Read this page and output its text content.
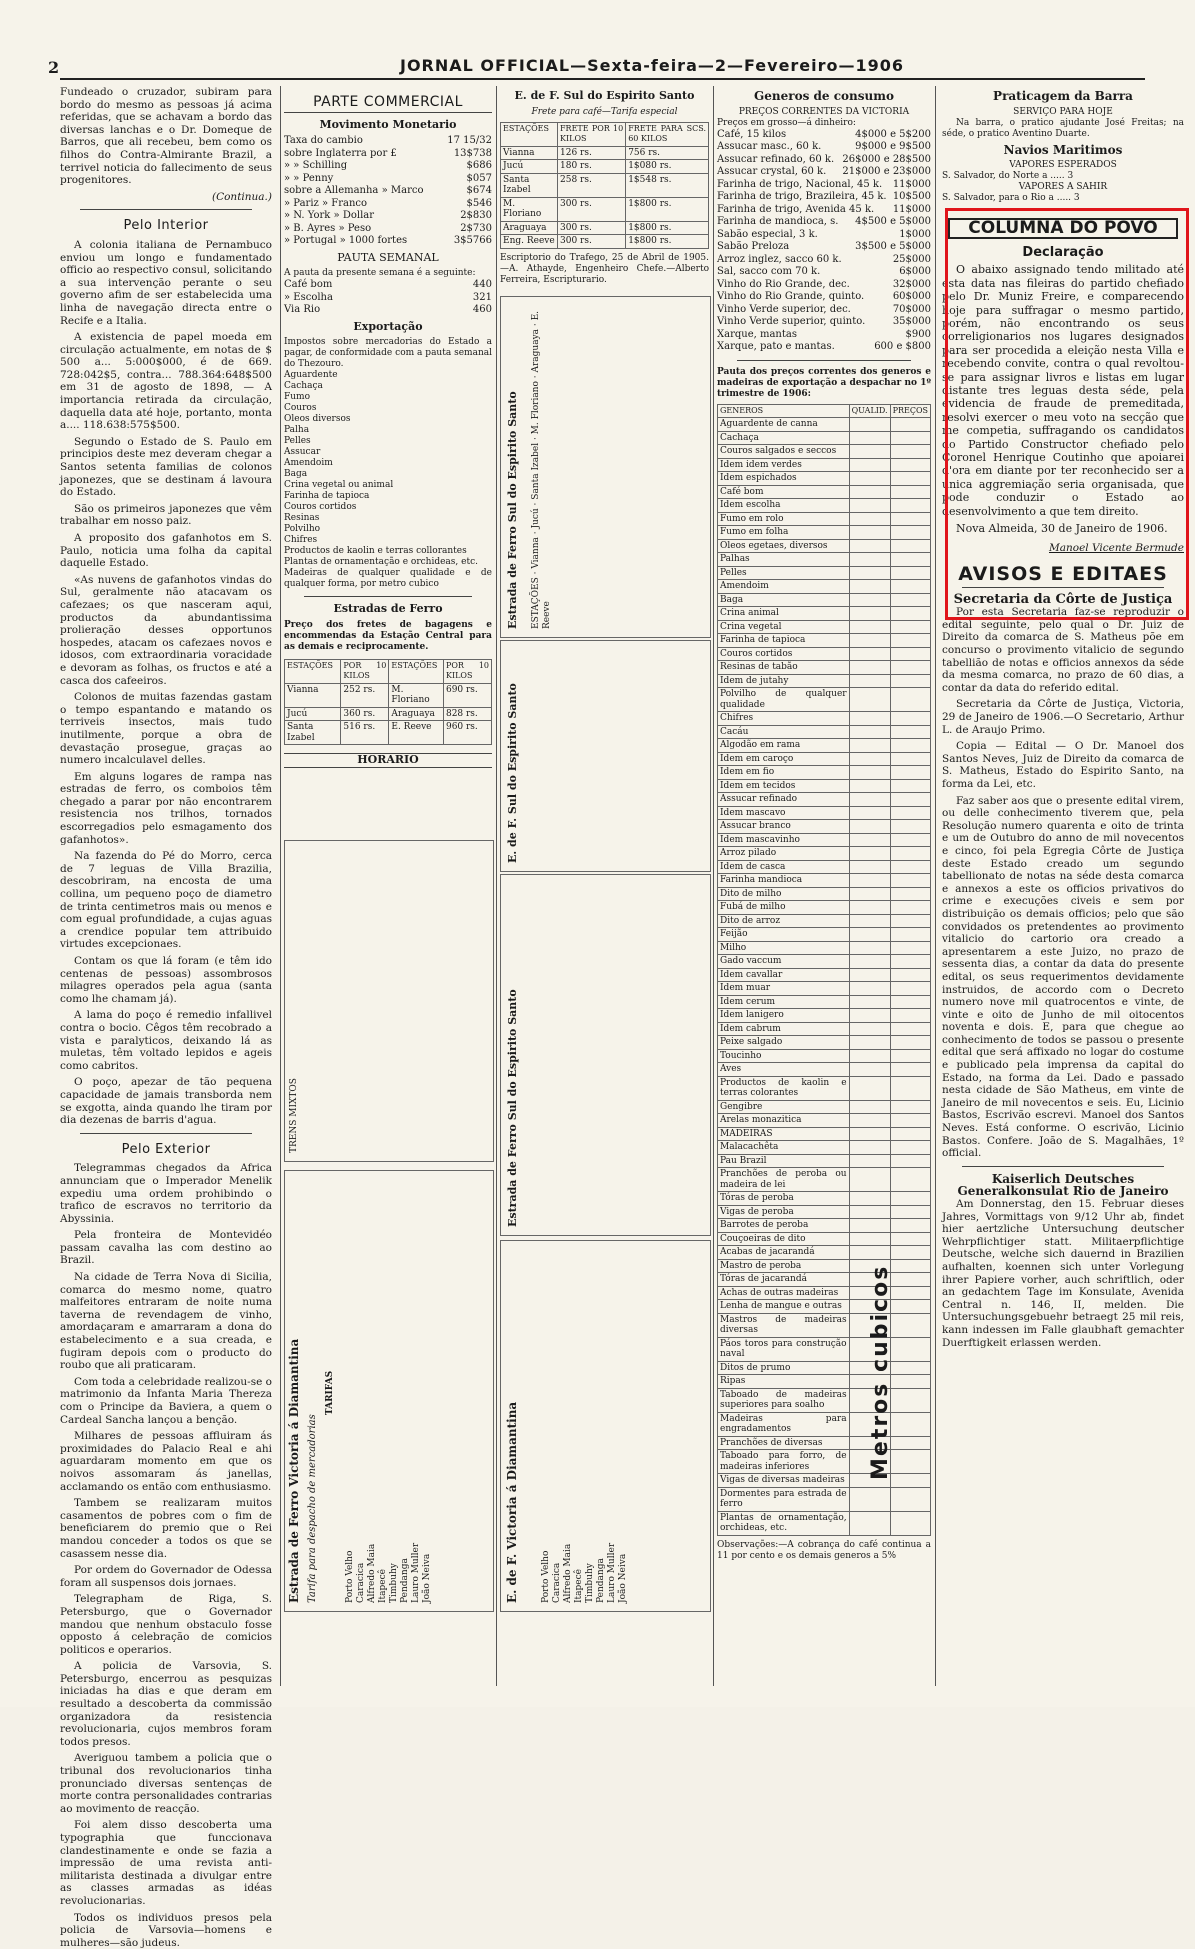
2	JORNAL OFFICIAL—Sexta-feira—2—Fevereiro—1906

Fundeado o cruzador, subiram para bordo do mesmo as pessoas já acima referidas, que se achavam a bordo das diversas lanchas e o Dr. Domeque de Barros, que ali recebeu, bem como os filhos do Contra-Almirante Brazil, a terrivel noticia do fallecimento de seus progenitores.

(Continua.)
Pelo Interior

A colonia italiana de Pernambuco enviou um longo e fundamentado officio ao respectivo consul, solicitando a sua intervenção perante o seu governo afim de ser estabelecida uma linha de navegação directa entre o Recife e a Italia.

A existencia de papel moeda em circulação actualmente, em notas de $ 500 a... 5:000$000, é de 669. 728:042$5, contra... 788.364:648$500 em 31 de agosto de 1898, — A importancia retirada da circulação, daquella data até hoje, portanto, monta a.... 118.638:575$500.

Segundo o Estado de S. Paulo em principios deste mez deveram chegar a Santos setenta familias de colonos japonezes, que se destinam á lavoura do Estado.

São os primeiros japonezes que vêm trabalhar em nosso paiz.

A proposito dos gafanhotos em S. Paulo, noticia uma folha da capital daquelle Estado.

«As nuvens de gafanhotos vindas do Sul, geralmente não atacavam os cafezaes; os que nasceram aqui, productos da abundantissima prolieração desses opportunos hospedes, atacam os cafezaes novos e idosos, com extraordinaria voracidade e devoram as folhas, os fructos e até a casca dos cafeeiros.

Colonos de muitas fazendas gastam o tempo espantando e matando os terriveis insectos, mais tudo inutilmente, porque a obra de devastação prosegue, graças ao numero incalculavel delles.

Em alguns logares de rampa nas estradas de ferro, os comboios têm chegado a parar por não encontrarem resistencia nos trilhos, tornados escorregadios pelo esmagamento dos gafanhotos».

Na fazenda do Pé do Morro, cerca de 7 leguas de Villa Brazilia, descobriram, na encosta de uma collina, um pequeno poço de diametro de trinta centimetros mais ou menos e com egual profundidade, a cujas aguas a crendice popular tem attribuido virtudes excepcionaes.

Contam os que lá foram (e têm ido centenas de pessoas) assombrosos milagres operados pela agua (santa como lhe chamam já).

A lama do poço é remedio infallivel contra o bocio. Cêgos têm recobrado a vista e paralyticos, deixando lá as muletas, têm voltado lepidos e ageis como cabritos.

O poço, apezar de tão pequena capacidade de jamais transborda nem se exgotta, ainda quando lhe tiram por dia dezenas de barris d'agua.

Pelo Exterior

Telegrammas chegados da Africa annunciam que o Imperador Menelik expediu uma ordem prohibindo o trafico de escravos no territorio da Abyssinia.

Pela fronteira de Montevidéo passam cavalha las com destino ao Brazil.

Na cidade de Terra Nova di Sicilia, comarca do mesmo nome, quatro malfeitores entraram de noite numa taverna de revendagem de vinho, amordaçaram e amarraram a dona do estabelecimento e a sua creada, e fugiram depois com o producto do roubo que ali praticaram.

Com toda a celebridade realizou-se o matrimonio da Infanta Maria Thereza com o Principe da Baviera, a quem o Cardeal Sancha lançou a benção.

Milhares de pessoas affluiram ás proximidades do Palacio Real e ahi aguardaram momento em que os noivos assomaram ás janellas, acclamando os então com enthusiasmo.

Tambem se realizaram muitos casamentos de pobres com o fim de beneficiarem do premio que o Rei mandou conceder a todos os que se casassem nesse dia.

Por ordem do Governador de Odessa foram all suspensos dois jornaes.

Telegrapham de Riga, S. Petersburgo, que o Governador mandou que nenhum obstaculo fosse opposto á celebração de comicios politicos e operarios.

A policia de Varsovia, S. Petersburgo, encerrou as pesquizas iniciadas ha dias e que deram em resultado a descoberta da commissão organizadora da resistencia revolucionaria, cujos membros foram todos presos.

Averiguou tambem a policia que o tribunal dos revolucionarios tinha pronunciado diversas sentenças de morte contra personalidades contrarias ao movimento de reacção.

Foi alem disso descoberta uma typographia que funccionava clandestinamente e onde se fazia a impressão de uma revista anti-militarista destinada a divulgar entre as classes armadas as idéas revolucionarias.

Todos os individuos presos pela policia de Varsovia—homens e mulheres—são judeus.

PARTE COMMERCIAL
Movimento Monetario
Taxa do cambio	17 15/32
sobre Inglaterra por £	13$738
» » Schilling	$686
» » Penny	$057
sobre a Allemanha » Marco	$674
» Pariz » Franco	$546
» N. York » Dollar	2$830
» B. Ayres » Peso	2$730
» Portugal » 1000 fortes	3$5766
PAUTA SEMANAL
A pauta da presente semana é a seguinte:
Café bom	440
» Escolha	321
Via Rio	460
Exportação
Impostos sobre mercadorias do Estado a pagar, de conformidade com a pauta semanal do Thezouro.
Aguardente
Cachaça
Fumo
Couros
Oleos diversos
Palha
Pelles
Assucar
Amendoim
Baga
Crina vegetal ou animal
Farinha de tapioca
Couros cortidos
Resinas
Polvilho
Chifres
Productos de kaolin e terras collorantes
Plantas de ornamentação e orchideas, etc.
Madeiras de qualquer qualidade e de qualquer forma, por metro cubico
Estradas de Ferro
Preço dos fretes de bagagens e encommendas da Estação Central para as demais e reciprocamente.
ESTAÇÕES	POR 10 KILOS	ESTAÇÕES	POR 10 KILOS
Vianna	252 rs.	M. Floriano	690 rs.
Jucú	360 rs.	Araguaya	828 rs.
Santa Izabel	516 rs.	E. Reeve	960 rs.
HORARIO
TRENS MIXTOS
Estrada de Ferro Victoria á Diamantina Tarifa para despacho de mercadorias
TARIFAS
Porto Velho Caracica Alfredo Maia Itapecê Timbuhy Pendanga Lauro Muller João Neiva
E. de F. Sul do Espirito Santo
Frete para café—Tarifa especial
ESTAÇÕES	FRETE POR 10 KILOS	FRETE PARA SCS. 60 KILOS
Vianna	126 rs.	756 rs.
Jucú	180 rs.	1$080 rs.
Santa Izabel	258 rs.	1$548 rs.
M. Floriano	300 rs.	1$800 rs.
Araguaya	300 rs.	1$800 rs.
Eng. Reeve	300 rs.	1$800 rs.
Escriptorio do Trafego, 25 de Abril de 1905.—A. Athayde, Engenheiro Chefe.—Alberto Ferreira, Escripturario.
Estrada de Ferro Sul do Espirito Santo ESTAÇÕES · Vianna · Jucú · Santa Izabel · M. Floriano · Araguaya · E. Reeve
E. de F. Sul do Espirito Santo
Estrada de Ferro Sul do Espirito Santo
E. de F. Victoria á Diamantina Porto Velho Caracica Alfredo Maia Itapecê Timbuhy Pendanga Lauro Muller João Neiva
Generos de consumo
PREÇOS CORRENTES DA VICTORIA
Preços em grosso—á dinheiro:
Café, 15 kilos	4$000 e 5$200
Assucar masc., 60 k.	9$000 e 9$500
Assucar refinado, 60 k. 26$000 e 28$500
Assucar crystal, 60 k. 21$000 e 23$000
Farinha de trigo, Nacional, 45 k. 11$000
Farinha de trigo, Brazileira, 45 k. 10$500
Farinha de trigo, Avenida 45 k. 11$000
Farinha de mandioca, s. 4$500 e 5$000
Sabão especial, 3 k.	1$000
Sabão Preloza	3$500 e 5$000
Arroz inglez, sacco 60 k.	25$000
Sal, sacco com 70 k.	6$000
Vinho do Rio Grande, dec.	32$000
Vinho do Rio Grande, quinto.	60$000
Vinho Verde superior, dec.	70$000
Vinho Verde superior, quinto.	35$000
Xarque, mantas	$900
Xarque, pato e mantas.	600 e $800
Pauta dos preços correntes dos generos e madeiras de exportação a despachar no 1º trimestre de 1906:
GENEROS	QUALID.	PREÇOS
Aguardente de canna		
Cachaça		
Couros salgados e seccos		
Idem idem verdes		
Idem espichados		
Café bom		
Idem escolha		
Fumo em rolo		
Fumo em folha		
Oleos egetaes, diversos		
Palhas		
Pelles		
Amendoim		
Baga		
Crina animal		
Crina vegetal		
Farinha de tapioca		
Couros cortidos		
Resinas de tabão		
Idem de jutahy		
Polvilho de qualquer qualidade		
Chifres		
Cacáu		
Algodão em rama		
Idem em caroço		
Idem em fio		
Idem em tecidos		
Assucar refinado		
Idem mascavo		
Assucar branco		
Idem mascavinho		
Arroz pilado		
Idem de casca		
Farinha mandioca		
Dito de milho		
Fubá de milho		
Dito de arroz		
Feijão		
Milho		
Gado vaccum		
Idem cavallar		
Idem muar		
Idem cerum		
Idem lanigero		
Idem cabrum		
Peixe salgado		
Toucinho		
Aves		
Productos de kaolin e terras colorantes		
Gengibre		
Arelas monazitica		
MADEIRAS		
Malacachêta		
Pau Brazil		
Pranchões de peroba ou madeira de lei		
Tóras de peroba		
Vigas de peroba		
Barrotes de peroba		
Couçoeiras de dito		
Acabas de jacarandá		
Mastro de peroba		
Tóras de jacarandá		
Achas de outras madeiras		
Lenha de mangue e outras		
Mastros de madeiras diversas		
Páos toros para construção naval		
Ditos de prumo		
Ripas		
Taboado de madeiras superiores para soalho		
Madeiras para engradamentos		
Pranchões de diversas		
Taboado para forro, de madeiras inferiores		
Vigas de diversas madeiras		
Dormentes para estrada de ferro		
Plantas de ornamentação, orchideas, etc.		
Observações:—A cobrança do café continua a 11 por cento e os demais generos a 5%
Metros cubicos
Praticagem da Barra
SERVIÇO PARA HOJE

Na barra, o pratico ajudante José Freitas; na séde, o pratico Aventino Duarte.

Navios Maritimos
VAPORES ESPERADOS
S. Salvador, do Norte a ..... 3
VAPORES A SAHIR
S. Salvador, para o Rio a ..... 3
COLUMNA DO POVO
Declaração

O abaixo assignado tendo militado até esta data nas fileiras do partido chefiado pelo Dr. Muniz Freire, e comparecendo hoje para suffragar o mesmo partido, porém, não encontrando os seus correligionarios nos lugares designados para ser procedida a eleição nesta Villa e recebendo convite, contra o qual revoltou-se para assignar livros e listas em lugar distante tres leguas desta séde, pela evidencia de fraude de premeditada, resolvi exercer o meu voto na secção que me competia, suffragando os candidatos do Partido Constructor chefiado pelo Coronel Henrique Coutinho que apoiarei d'ora em diante por ter reconhecido ser a unica aggremiação seria organisada, que pode conduzir o Estado ao desenvolvimento a que tem direito.

Nova Almeida, 30 de Janeiro de 1906.

Manoel Vicente Bermude
AVISOS E EDITAES
Secretaria da Côrte de Justiça

Por esta Secretaria faz-se reproduzir o edital seguinte, pelo qual o Dr. Juiz de Direito da comarca de S. Matheus põe em concurso o provimento vitalicio de segundo tabellião de notas e officios annexos da séde da mesma comarca, no prazo de 60 dias, a contar da data do referido edital.

Secretaria da Côrte de Justiça, Victoria, 29 de Janeiro de 1906.—O Secretario, Arthur L. de Araujo Primo.

Copia — Edital — O Dr. Manoel dos Santos Neves, Juiz de Direito da comarca de S. Matheus, Estado do Espirito Santo, na forma da Lei, etc.

Faz saber aos que o presente edital virem, ou delle conhecimento tiverem que, pela Resolução numero quarenta e oito de trinta e um de Outubro do anno de mil novecentos e cinco, foi pela Egregia Côrte de Justiça deste Estado creado um segundo tabellionato de notas na séde desta comarca e annexos a este os officios privativos do crime e execuções civeis e sem por distribuição os demais officios; pelo que são convidados os pretendentes ao provimento vitalicio do cartorio ora creado a apresentarem a este Juizo, no prazo de sessenta dias, a contar da data do presente edital, os seus requerimentos devidamente instruidos, de accordo com o Decreto numero nove mil quatrocentos e vinte, de vinte e oito de Junho de mil oitocentos noventa e dois. E, para que chegue ao conhecimento de todos se passou o presente edital que será affixado no logar do costume e publicado pela imprensa da capital do Estado, na forma da Lei. Dado e passado nesta cidade de São Matheus, em vinte de Janeiro de mil novecentos e seis. Eu, Licinio Bastos, Escrivão escrevi. Manoel dos Santos Neves. Está conforme. O escrivão, Licinio Bastos. Confere. João de S. Magalhães, 1º official.

Kaiserlich Deutsches Generalkonsulat Rio de Janeiro

Am Donnerstag, den 15. Februar dieses Jahres, Vormittags von 9/12 Uhr ab, findet hier aertzliche Untersuchung deutscher Wehrpflichtiger statt. Militaerpflichtige Deutsche, welche sich dauernd in Brazilien aufhalten, koennen sich unter Vorlegung ihrer Papiere vorher, auch schriftlich, oder an gedachtem Tage im Konsulate, Avenida Central n. 146, II, melden. Die Untersuchungsgebuehr betraegt 25 mil reis, kann indessen im Falle glaubhaft gemachter Duerftigkeit erlassen werden.
